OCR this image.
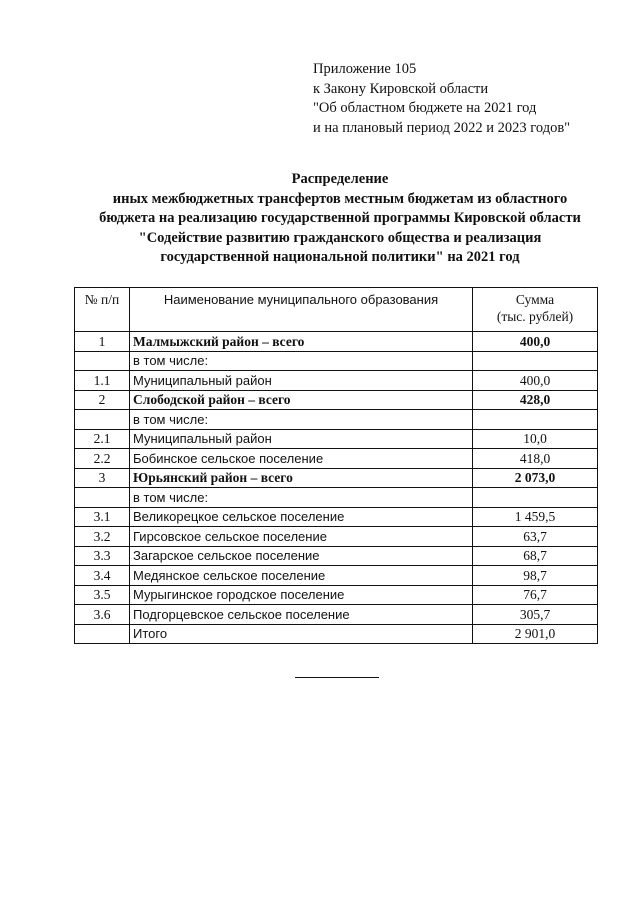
Приложение 105
к Закону Кировской области
"Об областном бюджете на 2021 год
и на плановый период 2022 и 2023 годов"
Распределение
иных межбюджетных трансфертов местным бюджетам из областного
бюджета на реализацию государственной программы Кировской области
"Содействие развитию гражданского общества и реализация
государственной национальной политики" на 2021 год
№ п/п	Наименование муниципального образования	Сумма
(тыс. рублей)

1	Малмыжский район – всего	400,0
	в том числе:	
1.1	Муниципальный район	400,0
2	Слободской район – всего	428,0
	в том числе:	
2.1	Муниципальный район	10,0
2.2	Бобинское сельское поселение	418,0
3	Юрьянский район – всего	2 073,0
	в том числе:	
3.1	Великорецкое сельское поселение	1 459,5
3.2	Гирсовское сельское поселение	63,7
3.3	Загарское сельское поселение	68,7
3.4	Медянское сельское поселение	98,7
3.5	Мурыгинское городское поселение	76,7
3.6	Подгорцевское сельское поселение	305,7
	Итого	2 901,0
